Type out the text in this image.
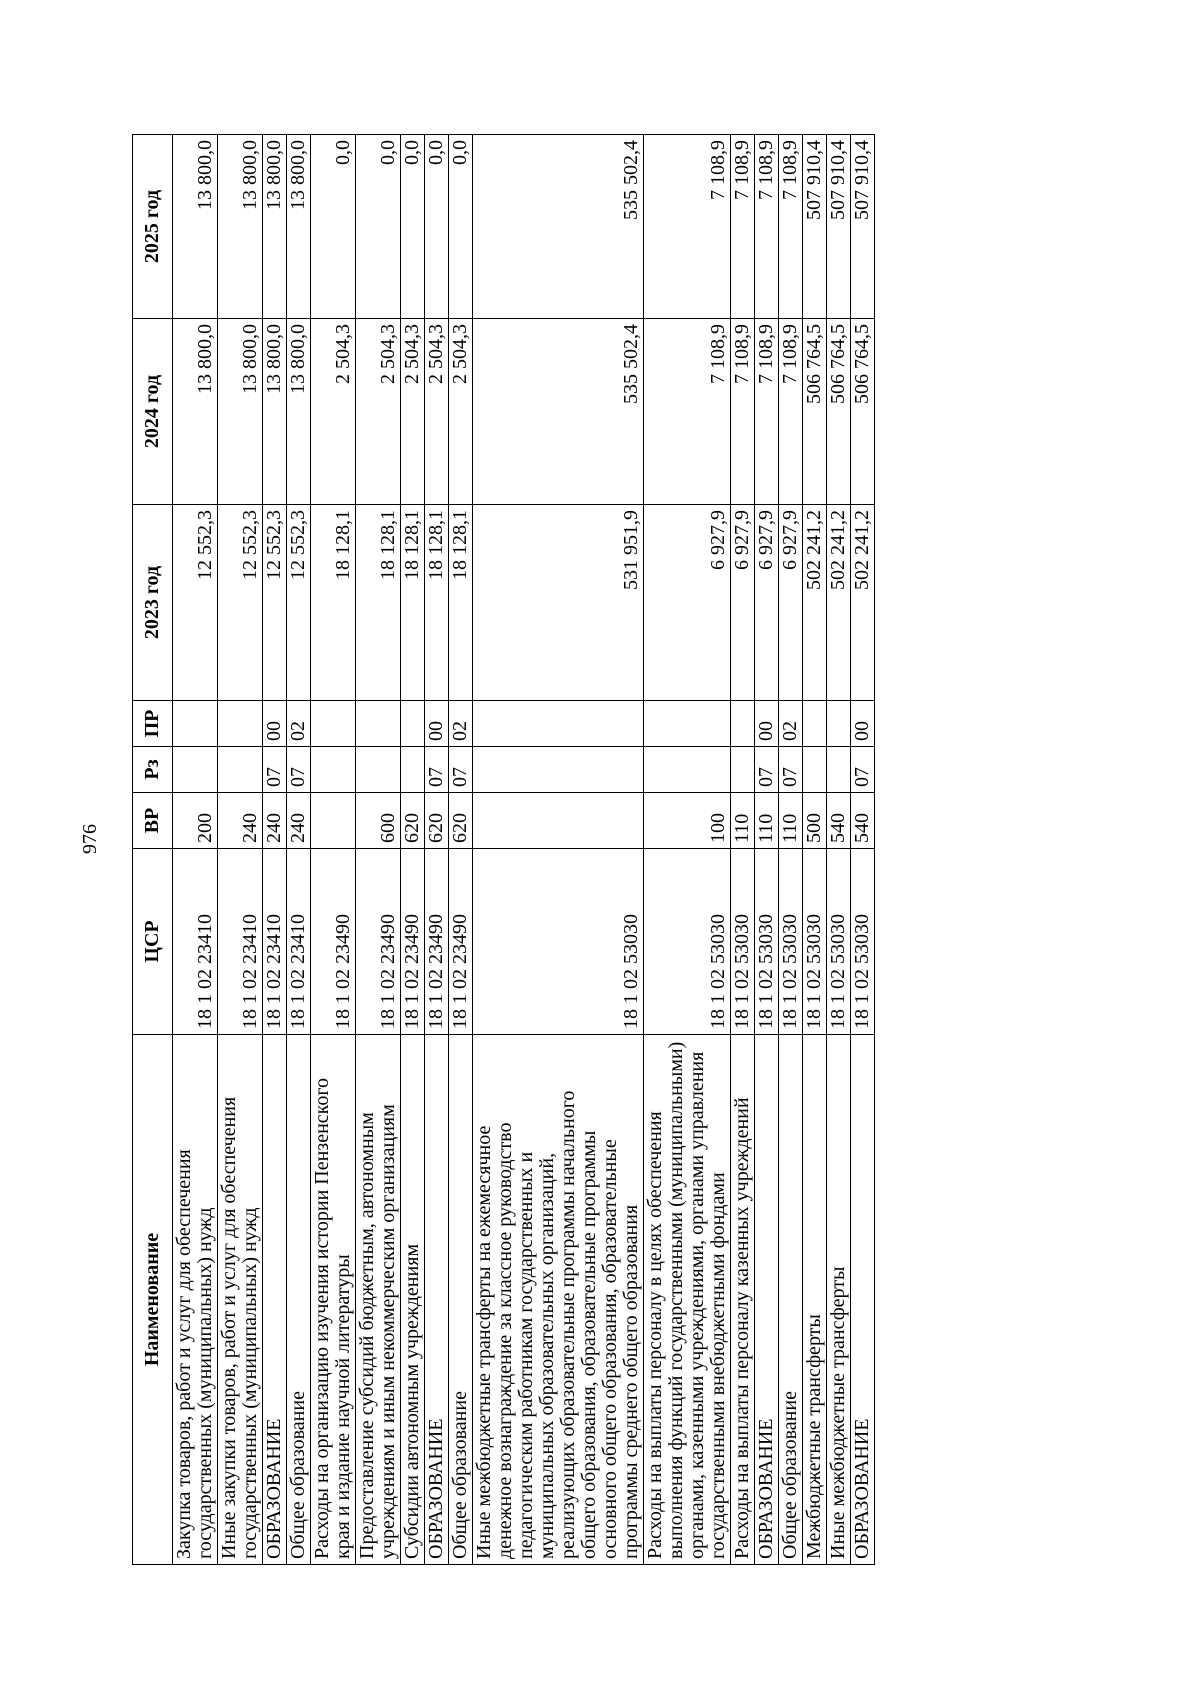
976
Наименование	ЦСР	ВР	Рз	ПР	2023 год	2024 год	2025 год
Закупка товаров, работ и услуг для обеспечения государственных (муниципальных) нужд	18 1 02 23410	200			12 552,3	13 800,0	13 800,0
Иные закупки товаров, работ и услуг для обеспечения государственных (муниципальных) нужд	18 1 02 23410	240			12 552,3	13 800,0	13 800,0
ОБРАЗОВАНИЕ	18 1 02 23410	240	07	00	12 552,3	13 800,0	13 800,0
Общее образование	18 1 02 23410	240	07	02	12 552,3	13 800,0	13 800,0
Расходы на организацию изучения истории Пензенского края и издание научной литературы	18 1 02 23490				18 128,1	2 504,3	0,0
Предоставление субсидий бюджетным, автономным учреждениям и иным некоммерческим организациям	18 1 02 23490	600			18 128,1	2 504,3	0,0
Субсидии автономным учреждениям	18 1 02 23490	620			18 128,1	2 504,3	0,0
ОБРАЗОВАНИЕ	18 1 02 23490	620	07	00	18 128,1	2 504,3	0,0
Общее образование	18 1 02 23490	620	07	02	18 128,1	2 504,3	0,0
Иные межбюджетные трансферты на ежемесячное денежное вознаграждение за классное руководство педагогическим работникам государственных и муниципальных образовательных организаций, реализующих образовательные программы начального общего образования, образовательные программы основного общего образования, образовательные программы среднего общего образования	18 1 02 53030				531 951,9	535 502,4	535 502,4
Расходы на выплаты персоналу в целях обеспечения выполнения функций государственными (муниципальными) органами, казенными учреждениями, органами управления государственными внебюджетными фондами	18 1 02 53030	100			6 927,9	7 108,9	7 108,9
Расходы на выплаты персоналу казенных учреждений	18 1 02 53030	110			6 927,9	7 108,9	7 108,9
ОБРАЗОВАНИЕ	18 1 02 53030	110	07	00	6 927,9	7 108,9	7 108,9
Общее образование	18 1 02 53030	110	07	02	6 927,9	7 108,9	7 108,9
Межбюджетные трансферты	18 1 02 53030	500			502 241,2	506 764,5	507 910,4
Иные межбюджетные трансферты	18 1 02 53030	540			502 241,2	506 764,5	507 910,4
ОБРАЗОВАНИЕ	18 1 02 53030	540	07	00	502 241,2	506 764,5	507 910,4
